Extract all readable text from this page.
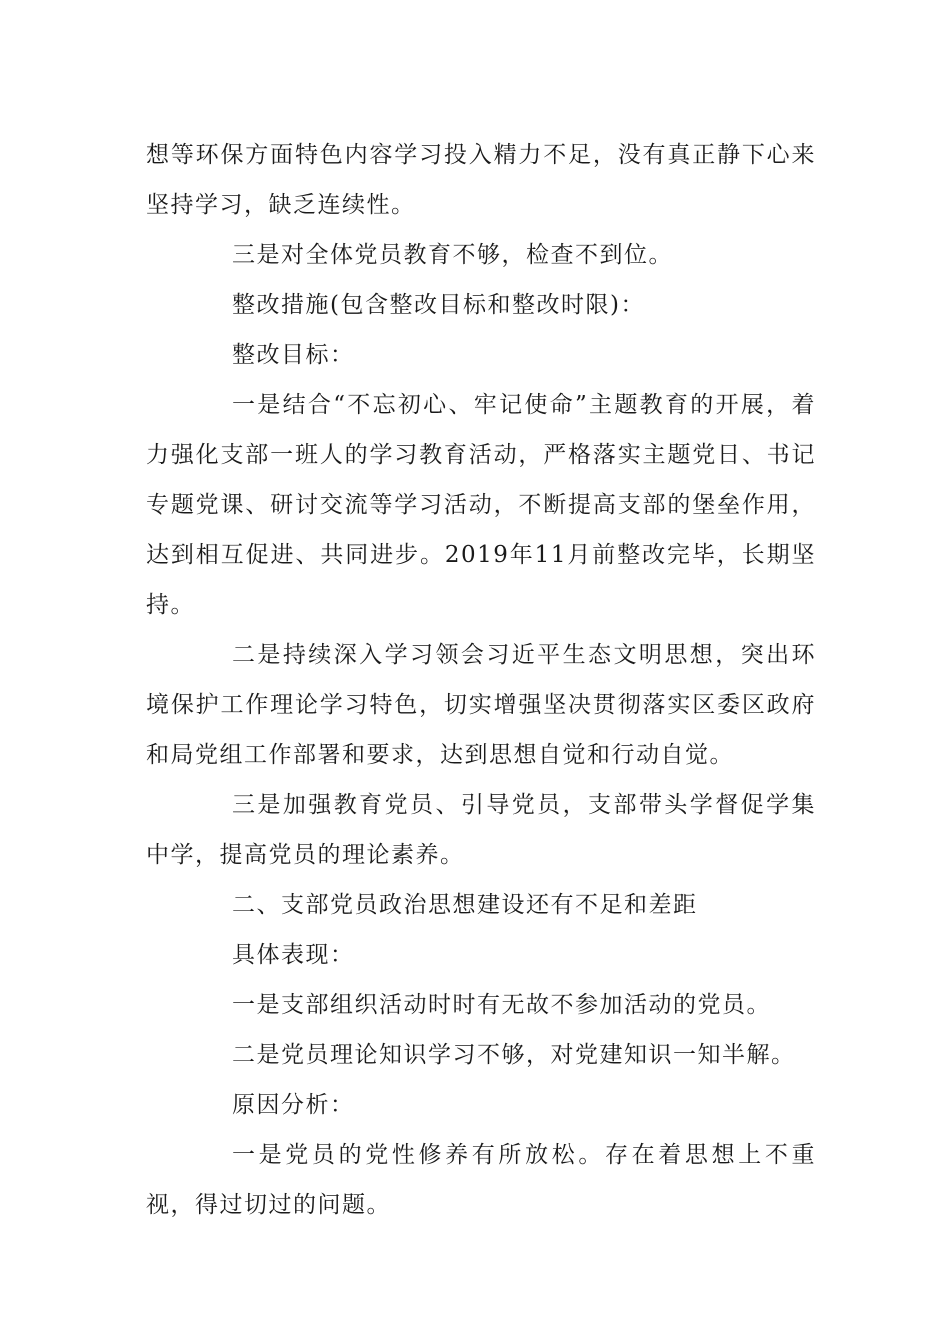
想等环保方面特色内容学习投入精力不足，没有真正静下心来坚持学习，缺乏连续性。

三是对全体党员教育不够，检查不到位。

整改措施(包含整改目标和整改时限)：

整改目标：

一是结合“不忘初心、牢记使命”主题教育的开展，着力强化支部一班人的学习教育活动，严格落实主题党日、书记专题党课、研讨交流等学习活动，不断提高支部的堡垒作用，达到相互促进、共同进步。2019年11月前整改完毕，长期坚持。

二是持续深入学习领会习近平生态文明思想，突出环境保护工作理论学习特色，切实增强坚决贯彻落实区委区政府和局党组工作部署和要求，达到思想自觉和行动自觉。

三是加强教育党员、引导党员，支部带头学督促学集中学，提高党员的理论素养。

二、支部党员政治思想建设还有不足和差距

具体表现：

一是支部组织活动时时有无故不参加活动的党员。

二是党员理论知识学习不够，对党建知识一知半解。

原因分析：

一是党员的党性修养有所放松。存在着思想上不重视，得过切过的问题。
